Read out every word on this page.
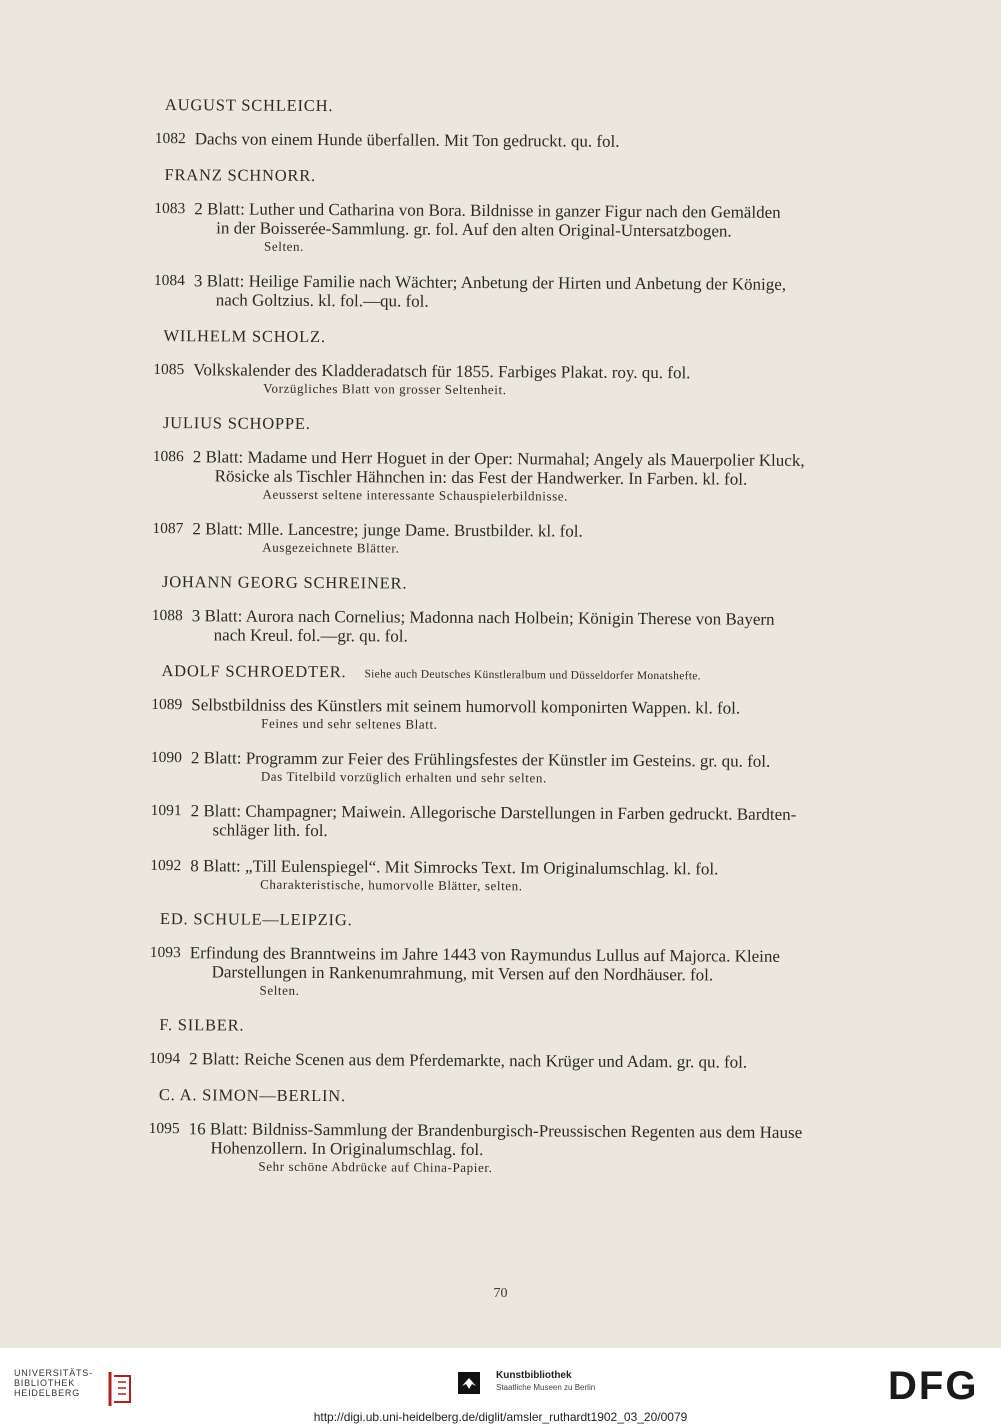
AUGUST SCHLEICH.
1082 Dachs von einem Hunde überfallen. Mit Ton gedruckt. qu. fol.
FRANZ SCHNORR.
1083 2 Blatt: Luther und Catharina von Bora. Bildnisse in ganzer Figur nach den Gemälden
in der Boisserée-Sammlung. gr. fol. Auf den alten Original-Untersatzbogen.
Selten.
1084 3 Blatt: Heilige Familie nach Wächter; Anbetung der Hirten und Anbetung der Könige,
nach Goltzius. kl. fol.—qu. fol.
WILHELM SCHOLZ.
1085 Volkskalender des Kladderadatsch für 1855. Farbiges Plakat. roy. qu. fol.
Vorzügliches Blatt von grosser Seltenheit.
JULIUS SCHOPPE.
1086 2 Blatt: Madame und Herr Hoguet in der Oper: Nurmahal; Angely als Mauerpolier Kluck,
Rösicke als Tischler Hähnchen in: das Fest der Handwerker. In Farben. kl. fol.
Aeusserst seltene interessante Schauspielerbildnisse.
1087 2 Blatt: Mlle. Lancestre; junge Dame. Brustbilder. kl. fol.
Ausgezeichnete Blätter.
JOHANN GEORG SCHREINER.
1088 3 Blatt: Aurora nach Cornelius; Madonna nach Holbein; Königin Therese von Bayern
nach Kreul. fol.—gr. qu. fol.
ADOLF SCHROEDTER. Siehe auch Deutsches Künstleralbum und Düsseldorfer Monatshefte.
1089 Selbstbildniss des Künstlers mit seinem humorvoll komponirten Wappen. kl. fol.
Feines und sehr seltenes Blatt.
1090 2 Blatt: Programm zur Feier des Frühlingsfestes der Künstler im Gesteins. gr. qu. fol.
Das Titelbild vorzüglich erhalten und sehr selten.
1091 2 Blatt: Champagner; Maiwein. Allegorische Darstellungen in Farben gedruckt. Bardten-
schläger lith. fol.
1092 8 Blatt: „Till Eulenspiegel“. Mit Simrocks Text. Im Originalumschlag. kl. fol.
Charakteristische, humorvolle Blätter, selten.
ED. SCHULE—LEIPZIG.
1093 Erfindung des Branntweins im Jahre 1443 von Raymundus Lullus auf Majorca. Kleine
Darstellungen in Rankenumrahmung, mit Versen auf den Nordhäuser. fol.
Selten.
F. SILBER.
1094 2 Blatt: Reiche Scenen aus dem Pferdemarkte, nach Krüger und Adam. gr. qu. fol.
C. A. SIMON—BERLIN.
1095 16 Blatt: Bildniss-Sammlung der Brandenburgisch-Preussischen Regenten aus dem Hause
Hohenzollern. In Originalumschlag. fol.
Sehr schöne Abdrücke auf China-Papier.
70
UNIVERSITÄTS-
BIBLIOTHEK
HEIDELBERG
Kunstbibliothek
Staatliche Museen zu Berlin	DFG
http://digi.ub.uni-heidelberg.de/diglit/amsler_ruthardt1902_03_20/0079
